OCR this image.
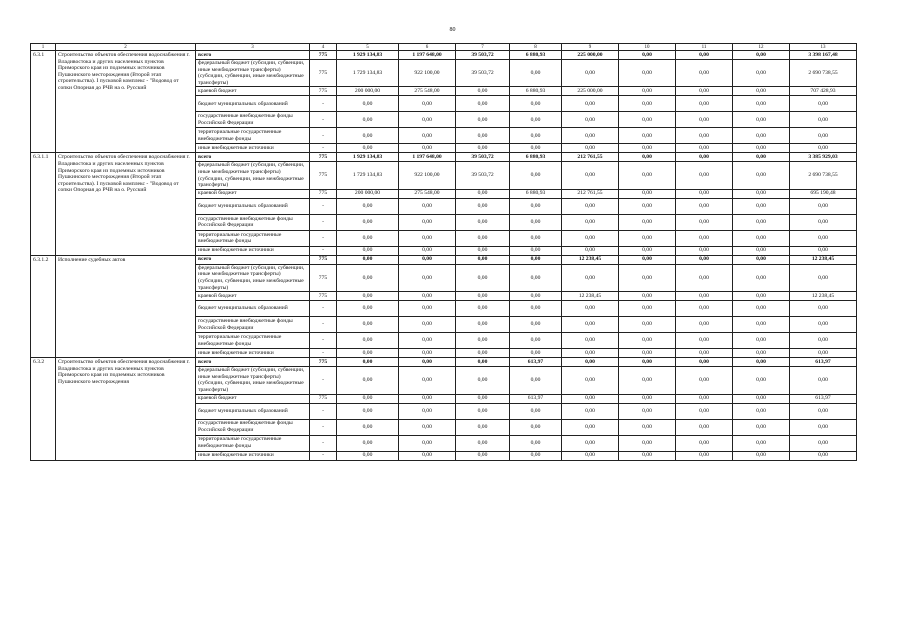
80
1	2	3	4	5	6	7	8	9	10	11	12	13
6.3.1	Строительство объектов обеспечения водоснабжения г. Владивостока и других населенных пунктов Приморского края из подземных источников Пушкинского месторождения (Второй этап строительства). I пусковой комплекс - "Водовод от сопки Опорная до РЧВ на о. Русский	всего	775	1 929 134,83	1 197 648,00	39 503,72	6 880,93	225 000,00	0,00	0,00	0,00	3 398 167,48
		федеральный бюджет (субсидии, субвенции, иные межбюджетные трансферты) (субсидии, субвенции, иные межбюджетные трансферты)	775	1 729 134,83	922 100,00	39 503,72	0,00	0,00	0,00	0,00	0,00	2 690 738,55
		краевой бюджет	775	200 000,00	275 548,00	0,00	6 880,93	225 000,00	0,00	0,00	0,00	707 428,93
		бюджет муниципальных образований	-	0,00	0,00	0,00	0,00	0,00	0,00	0,00	0,00	0,00
		государственные внебюджетные фонды Российской Федерации	-	0,00	0,00	0,00	0,00	0,00	0,00	0,00	0,00	0,00
		территориальные государственные внебюджетные фонды	-	0,00	0,00	0,00	0,00	0,00	0,00	0,00	0,00	0,00
		иные внебюджетные источники	-	0,00	0,00	0,00	0,00	0,00	0,00	0,00	0,00	0,00
6.3.1.1	Строительство объектов обеспечения водоснабжения г. Владивостока и других населенных пунктов Приморского края из подземных источников Пушкинского месторождения (Второй этап строительства). I пусковой комплекс - "Водовод от сопки Опорная до РЧВ на о. Русский	всего	775	1 929 134,83	1 197 648,00	39 503,72	6 880,93	212 761,55	0,00	0,00	0,00	3 385 929,03
		федеральный бюджет (субсидии, субвенции, иные межбюджетные трансферты) (субсидии, субвенции, иные межбюджетные трансферты)	775	1 729 134,83	922 100,00	39 503,72	0,00	0,00	0,00	0,00	0,00	2 690 738,55
		краевой бюджет	775	200 000,00	275 548,00	0,00	6 880,93	212 761,55	0,00	0,00	0,00	695 190,48
		бюджет муниципальных образований	-	0,00	0,00	0,00	0,00	0,00	0,00	0,00	0,00	0,00
		государственные внебюджетные фонды Российской Федерации	-	0,00	0,00	0,00	0,00	0,00	0,00	0,00	0,00	0,00
		территориальные государственные внебюджетные фонды	-	0,00	0,00	0,00	0,00	0,00	0,00	0,00	0,00	0,00
		иные внебюджетные источники	-	0,00	0,00	0,00	0,00	0,00	0,00	0,00	0,00	0,00
6.3.1.2	Исполнение судебных актов	всего	775	0,00	0,00	0,00	0,00	12 238,45	0,00	0,00	0,00	12 238,45
		федеральный бюджет (субсидии, субвенции, иные межбюджетные трансферты) (субсидии, субвенции, иные межбюджетные трансферты)	775	0,00	0,00	0,00	0,00	0,00	0,00	0,00	0,00	0,00
		краевой бюджет	775	0,00	0,00	0,00	0,00	12 238,45	0,00	0,00	0,00	12 238,45
		бюджет муниципальных образований	-	0,00	0,00	0,00	0,00	0,00	0,00	0,00	0,00	0,00
		государственные внебюджетные фонды Российской Федерации	-	0,00	0,00	0,00	0,00	0,00	0,00	0,00	0,00	0,00
		территориальные государственные внебюджетные фонды	-	0,00	0,00	0,00	0,00	0,00	0,00	0,00	0,00	0,00
		иные внебюджетные источники	-	0,00	0,00	0,00	0,00	0,00	0,00	0,00	0,00	0,00
6.3.2	Строительство объектов обеспечения водоснабжения г. Владивостока и других населенных пунктов Приморского края из подземных источников Пушкинского месторождения	всего	775	0,00	0,00	0,00	613,97	0,00	0,00	0,00	0,00	613,97
		федеральный бюджет (субсидии, субвенции, иные межбюджетные трансферты) (субсидии, субвенции, иные межбюджетные трансферты)	-	0,00	0,00	0,00	0,00	0,00	0,00	0,00	0,00	0,00
		краевой бюджет	775	0,00	0,00	0,00	613,97	0,00	0,00	0,00	0,00	613,97
		бюджет муниципальных образований	-	0,00	0,00	0,00	0,00	0,00	0,00	0,00	0,00	0,00
		государственные внебюджетные фонды Российской Федерации	-	0,00	0,00	0,00	0,00	0,00	0,00	0,00	0,00	0,00
		территориальные государственные внебюджетные фонды	-	0,00	0,00	0,00	0,00	0,00	0,00	0,00	0,00	0,00
		иные внебюджетные источники	-	0,00	0,00	0,00	0,00	0,00	0,00	0,00	0,00	0,00
